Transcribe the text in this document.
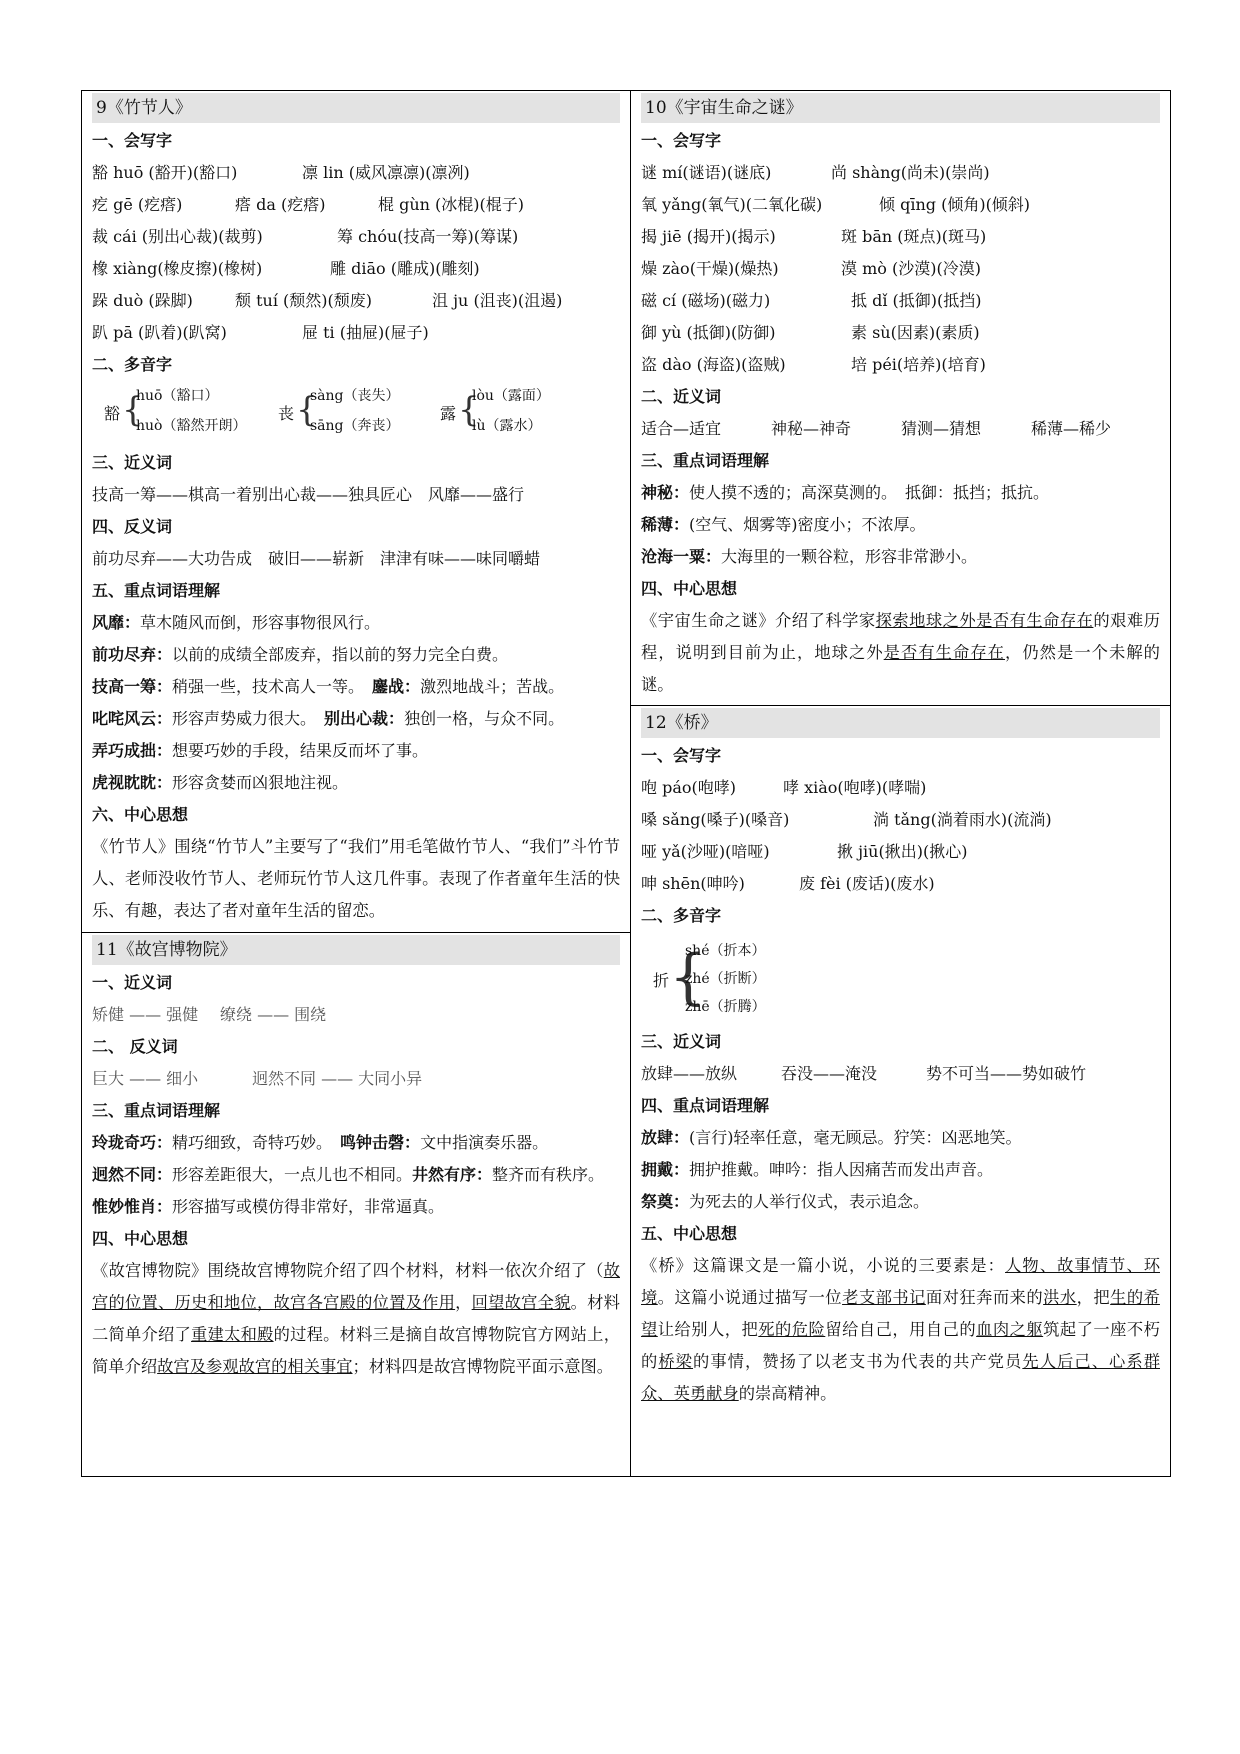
9《竹节人》
一、会写字
豁 huō (豁开)(豁口)	凛 lin (威风凛凛)(凛冽)
疙 gē (疙瘩)	瘩 da (疙瘩)	棍 gùn (冰棍)(棍子)
裁 cái (别出心裁)(裁剪)	筹 chóu(技高一筹)(筹谋)
橡 xiàng(橡皮擦)(橡树)	雕 diāo (雕成)(雕刻)
跺 duò (跺脚)	颓 tuí (颓然)(颓废)	沮 ju (沮丧)(沮遏)
趴 pā (趴着)(趴窝)	屉 ti (抽屉)(屉子)
二、多音字
豁 {
huō（豁口）
huò（豁然开朗）
丧 {
sàng（丧失）
sāng（奔丧）
露 {
lòu（露面）
lù（露水）
三、近义词
技高一筹——棋高一着别出心裁——独具匠心　风靡——盛行
四、反义词
前功尽弃——大功告成　破旧——崭新　津津有味——味同嚼蜡
五、重点词语理解
风靡：草木随风而倒，形容事物很风行。
前功尽弃：以前的成绩全部废弃，指以前的努力完全白费。
技高一筹：稍强一些，技术高人一等。　 鏖战：激烈地战斗；苦战。
叱咤风云：形容声势威力很大。　 别出心裁：独创一格，与众不同。
弄巧成拙：想要巧妙的手段，结果反而坏了事。
虎视眈眈：形容贪婪而凶狠地注视。
六、中心思想
《竹节人》围绕“竹节人”主要写了“我们”用毛笔做竹节人、“我们”斗竹节人、老师没收竹节人、老师玩竹节人这几件事。表现了作者童年生活的快乐、有趣，表达了者对童年生活的留恋。
11《故宫博物院》
一、近义词
矫健 —— 强健 缭绕 —— 围绕
二、 反义词
巨大 —— 细小	迥然不同 —— 大同小异
三、重点词语理解
玲珑奇巧：精巧细致，奇特巧妙。　 鸣钟击磬：文中指演奏乐器。
迥然不同：形容差距很大，一点儿也不相同。井然有序：整齐而有秩序。
惟妙惟肖：形容描写或模仿得非常好，非常逼真。
四、中心思想
《故宫博物院》围绕故宫博物院介绍了四个材料，材料一依次介绍了（故宫的位置、历史和地位，故宫各宫殿的位置及作用，回望故宫全貌。材料二简单介绍了重建太和殿的过程。材料三是摘自故宫博物院官方网站上，简单介绍故宫及参观故宫的相关事宜；材料四是故宫博物院平面示意图。
10《宇宙生命之谜》
一、会写字
谜 mí(谜语)(谜底)	尚 shàng(尚未)(崇尚)
氧 yǎng(氧气)(二氧化碳)	倾 qīng (倾角)(倾斜)
揭 jiē (揭开)(揭示)	斑 bān (斑点)(斑马)
燥 zào(干燥)(燥热)	漠 mò (沙漠)(冷漠)
磁 cí (磁场)(磁力)	抵 dǐ (抵御)(抵挡)
御 yù (抵御)(防御)	素 sù(因素)(素质)
盗 dào (海盗)(盗贼)	培 péi(培养)(培育)
二、近义词
适合—适宜	神秘—神奇	猜测—猜想	稀薄—稀少
三、重点词语理解
神秘：使人摸不透的；高深莫测的。　 抵御：抵挡；抵抗。
稀薄：(空气、烟雾等)密度小；不浓厚。
沧海一粟：大海里的一颗谷粒，形容非常渺小。
四、中心思想
《宇宙生命之谜》介绍了科学家探索地球之外是否有生命存在的艰难历程，说明到目前为止，地球之外是否有生命存在，仍然是一个未解的谜。
12《桥》
一、会写字
咆 páo(咆哮)	哮 xiào(咆哮)(哮喘)
嗓 sǎng(嗓子)(嗓音)	淌 tǎng(淌着雨水)(流淌)
哑 yǎ(沙哑)(喑哑)	揪 jiū(揪出)(揪心)
呻 shēn(呻吟)	废 fèi (废话)(废水)
二、多音字
折 {
shé（折本）
zhé（折断）
zhē（折腾）
三、近义词
放肆——放纵	吞没——淹没	势不可当——势如破竹
四、重点词语理解
放肆：(言行)轻率任意，毫无顾忌。狞笑：凶恶地笑。
拥戴：拥护推戴。呻吟：指人因痛苦而发出声音。
祭奠：为死去的人举行仪式，表示追念。
五、中心思想
《桥》这篇课文是一篇小说，小说的三要素是：人物、故事情节、环境。这篇小说通过描写一位老支部书记面对狂奔而来的洪水，把生的希望让给别人，把死的危险留给自己，用自己的血肉之躯筑起了一座不朽的桥梁的事情，赞扬了以老支书为代表的共产党员先人后己、心系群众、英勇献身的崇高精神。
